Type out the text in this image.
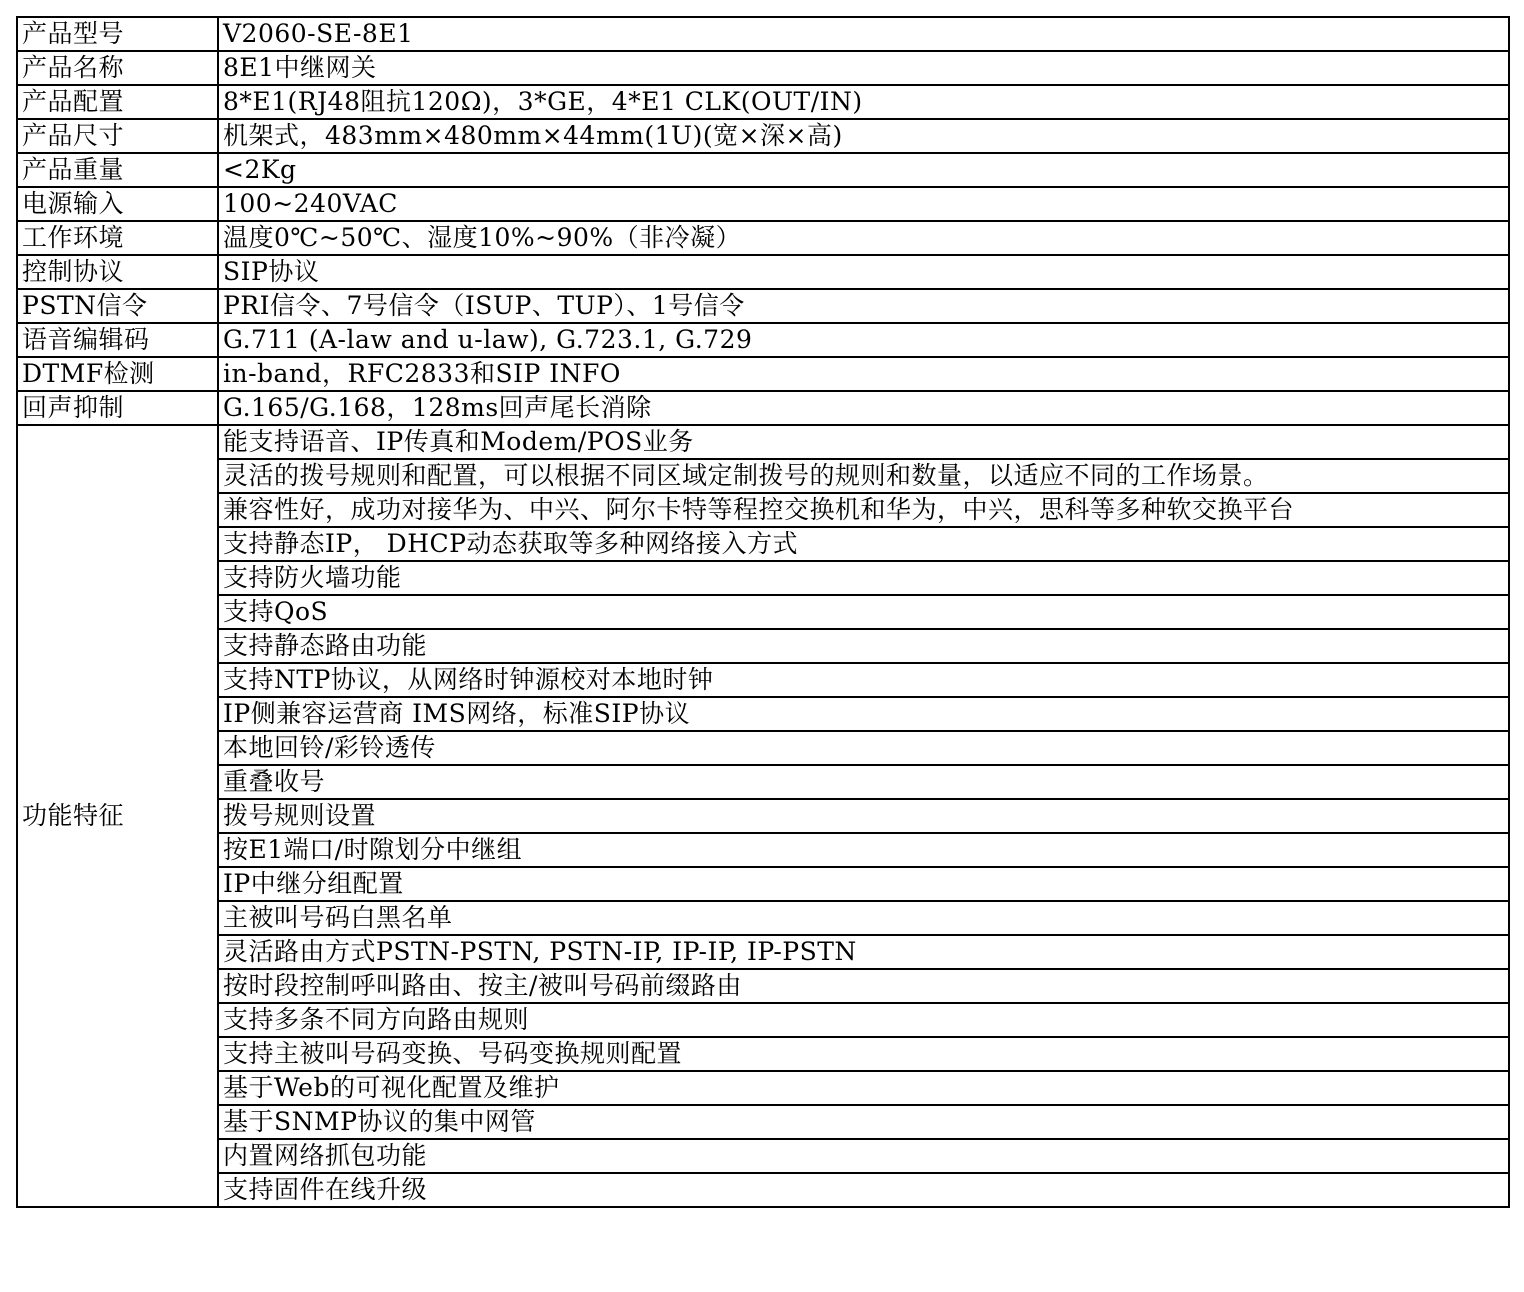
产品型号	V2060-SE-8E1
产品名称	8E1中继网关
产品配置	8*E1(RJ48阻抗120Ω)，3*GE，4*E1 CLK(OUT/IN)
产品尺寸	机架式，483mm×480mm×44mm(1U)(宽×深×高)
产品重量	<2Kg
电源输入	100~240VAC
工作环境	温度0℃~50℃、湿度10%~90%（非冷凝）
控制协议	SIP协议
PSTN信令	PRI信令、7号信令（ISUP、TUP）、1号信令
语音编辑码	G.711 (A-law and u-law), G.723.1, G.729
DTMF检测	in-band，RFC2833和SIP INFO
回声抑制	G.165/G.168，128ms回声尾长消除
功能特征	能支持语音、IP传真和Modem/POS业务
	灵活的拨号规则和配置，可以根据不同区域定制拨号的规则和数量，以适应不同的工作场景。
	兼容性好，成功对接华为、中兴、阿尔卡特等程控交换机和华为，中兴，思科等多种软交换平台
	支持静态IP， DHCP动态获取等多种网络接入方式
	支持防火墙功能
	支持QoS
	支持静态路由功能
	支持NTP协议，从网络时钟源校对本地时钟
	IP侧兼容运营商 IMS网络，标准SIP协议
	本地回铃/彩铃透传
	重叠收号
	拨号规则设置
	按E1端口/时隙划分中继组
	IP中继分组配置
	主被叫号码白黑名单
	灵活路由方式PSTN-PSTN, PSTN-IP, IP-IP, IP-PSTN
	按时段控制呼叫路由、按主/被叫号码前缀路由
	支持多条不同方向路由规则
	支持主被叫号码变换、号码变换规则配置
	基于Web的可视化配置及维护
	基于SNMP协议的集中网管
	内置网络抓包功能
	支持固件在线升级
